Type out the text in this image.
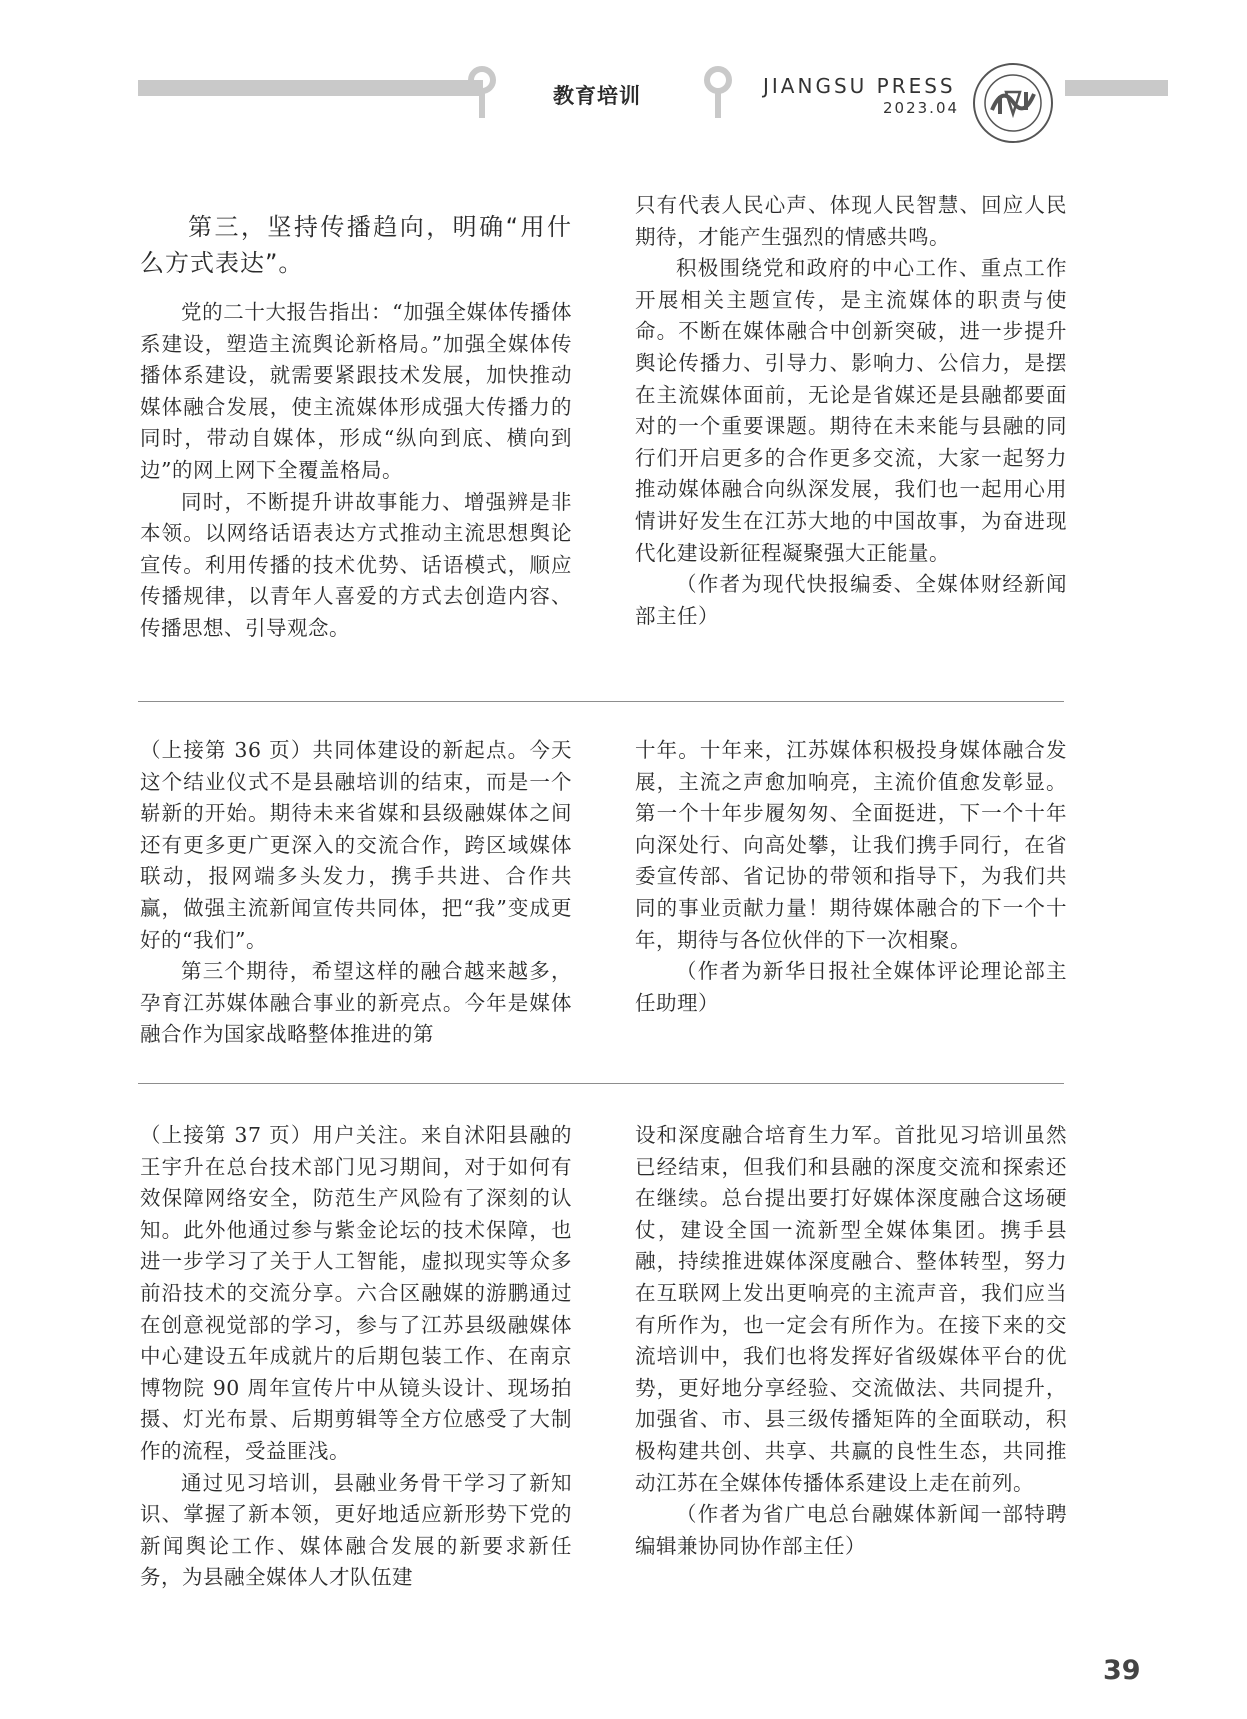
教育培训	JIANGSU PRESS
2023.04

第三，坚持传播趋向，明确“用什么方式表达”。

党的二十大报告指出：“加强全媒体传播体系建设，塑造主流舆论新格局。”加强全媒体传播体系建设，就需要紧跟技术发展，加快推动媒体融合发展，使主流媒体形成强大传播力的同时，带动自媒体，形成“纵向到底、横向到边”的网上网下全覆盖格局。

同时，不断提升讲故事能力、增强辨是非本领。以网络话语表达方式推动主流思想舆论宣传。利用传播的技术优势、话语模式，顺应传播规律，以青年人喜爱的方式去创造内容、传播思想、引导观念。

只有代表人民心声、体现人民智慧、回应人民期待，才能产生强烈的情感共鸣。

积极围绕党和政府的中心工作、重点工作开展相关主题宣传，是主流媒体的职责与使命。不断在媒体融合中创新突破，进一步提升舆论传播力、引导力、影响力、公信力，是摆在主流媒体面前，无论是省媒还是县融都要面对的一个重要课题。期待在未来能与县融的同行们开启更多的合作更多交流，大家一起努力推动媒体融合向纵深发展，我们也一起用心用情讲好发生在江苏大地的中国故事，为奋进现代化建设新征程凝聚强大正能量。

（作者为现代快报编委、全媒体财经新闻部主任）

（上接第 36 页）共同体建设的新起点。今天这个结业仪式不是县融培训的结束，而是一个崭新的开始。期待未来省媒和县级融媒体之间还有更多更广更深入的交流合作，跨区域媒体联动，报网端多头发力，携手共进、合作共赢，做强主流新闻宣传共同体，把“我”变成更好的“我们”。

第三个期待，希望这样的融合越来越多，孕育江苏媒体融合事业的新亮点。今年是媒体融合作为国家战略整体推进的第

十年。十年来，江苏媒体积极投身媒体融合发展，主流之声愈加响亮，主流价值愈发彰显。第一个十年步履匆匆、全面挺进，下一个十年向深处行、向高处攀，让我们携手同行，在省委宣传部、省记协的带领和指导下，为我们共同的事业贡献力量！期待媒体融合的下一个十年，期待与各位伙伴的下一次相聚。

（作者为新华日报社全媒体评论理论部主任助理）

（上接第 37 页）用户关注。来自沭阳县融的王宇升在总台技术部门见习期间，对于如何有效保障网络安全，防范生产风险有了深刻的认知。此外他通过参与紫金论坛的技术保障，也进一步学习了关于人工智能，虚拟现实等众多前沿技术的交流分享。六合区融媒的游鹏通过在创意视觉部的学习，参与了江苏县级融媒体中心建设五年成就片的后期包装工作、在南京博物院 90 周年宣传片中从镜头设计、现场拍摄、灯光布景、后期剪辑等全方位感受了大制作的流程，受益匪浅。

通过见习培训，县融业务骨干学习了新知识、掌握了新本领，更好地适应新形势下党的新闻舆论工作、媒体融合发展的新要求新任务，为县融全媒体人才队伍建

设和深度融合培育生力军。首批见习培训虽然已经结束，但我们和县融的深度交流和探索还在继续。总台提出要打好媒体深度融合这场硬仗，建设全国一流新型全媒体集团。携手县融，持续推进媒体深度融合、整体转型，努力在互联网上发出更响亮的主流声音，我们应当有所作为，也一定会有所作为。在接下来的交流培训中，我们也将发挥好省级媒体平台的优势，更好地分享经验、交流做法、共同提升，加强省、市、县三级传播矩阵的全面联动，积极构建共创、共享、共赢的良性生态，共同推动江苏在全媒体传播体系建设上走在前列。

（作者为省广电总台融媒体新闻一部特聘编辑兼协同协作部主任）

39
